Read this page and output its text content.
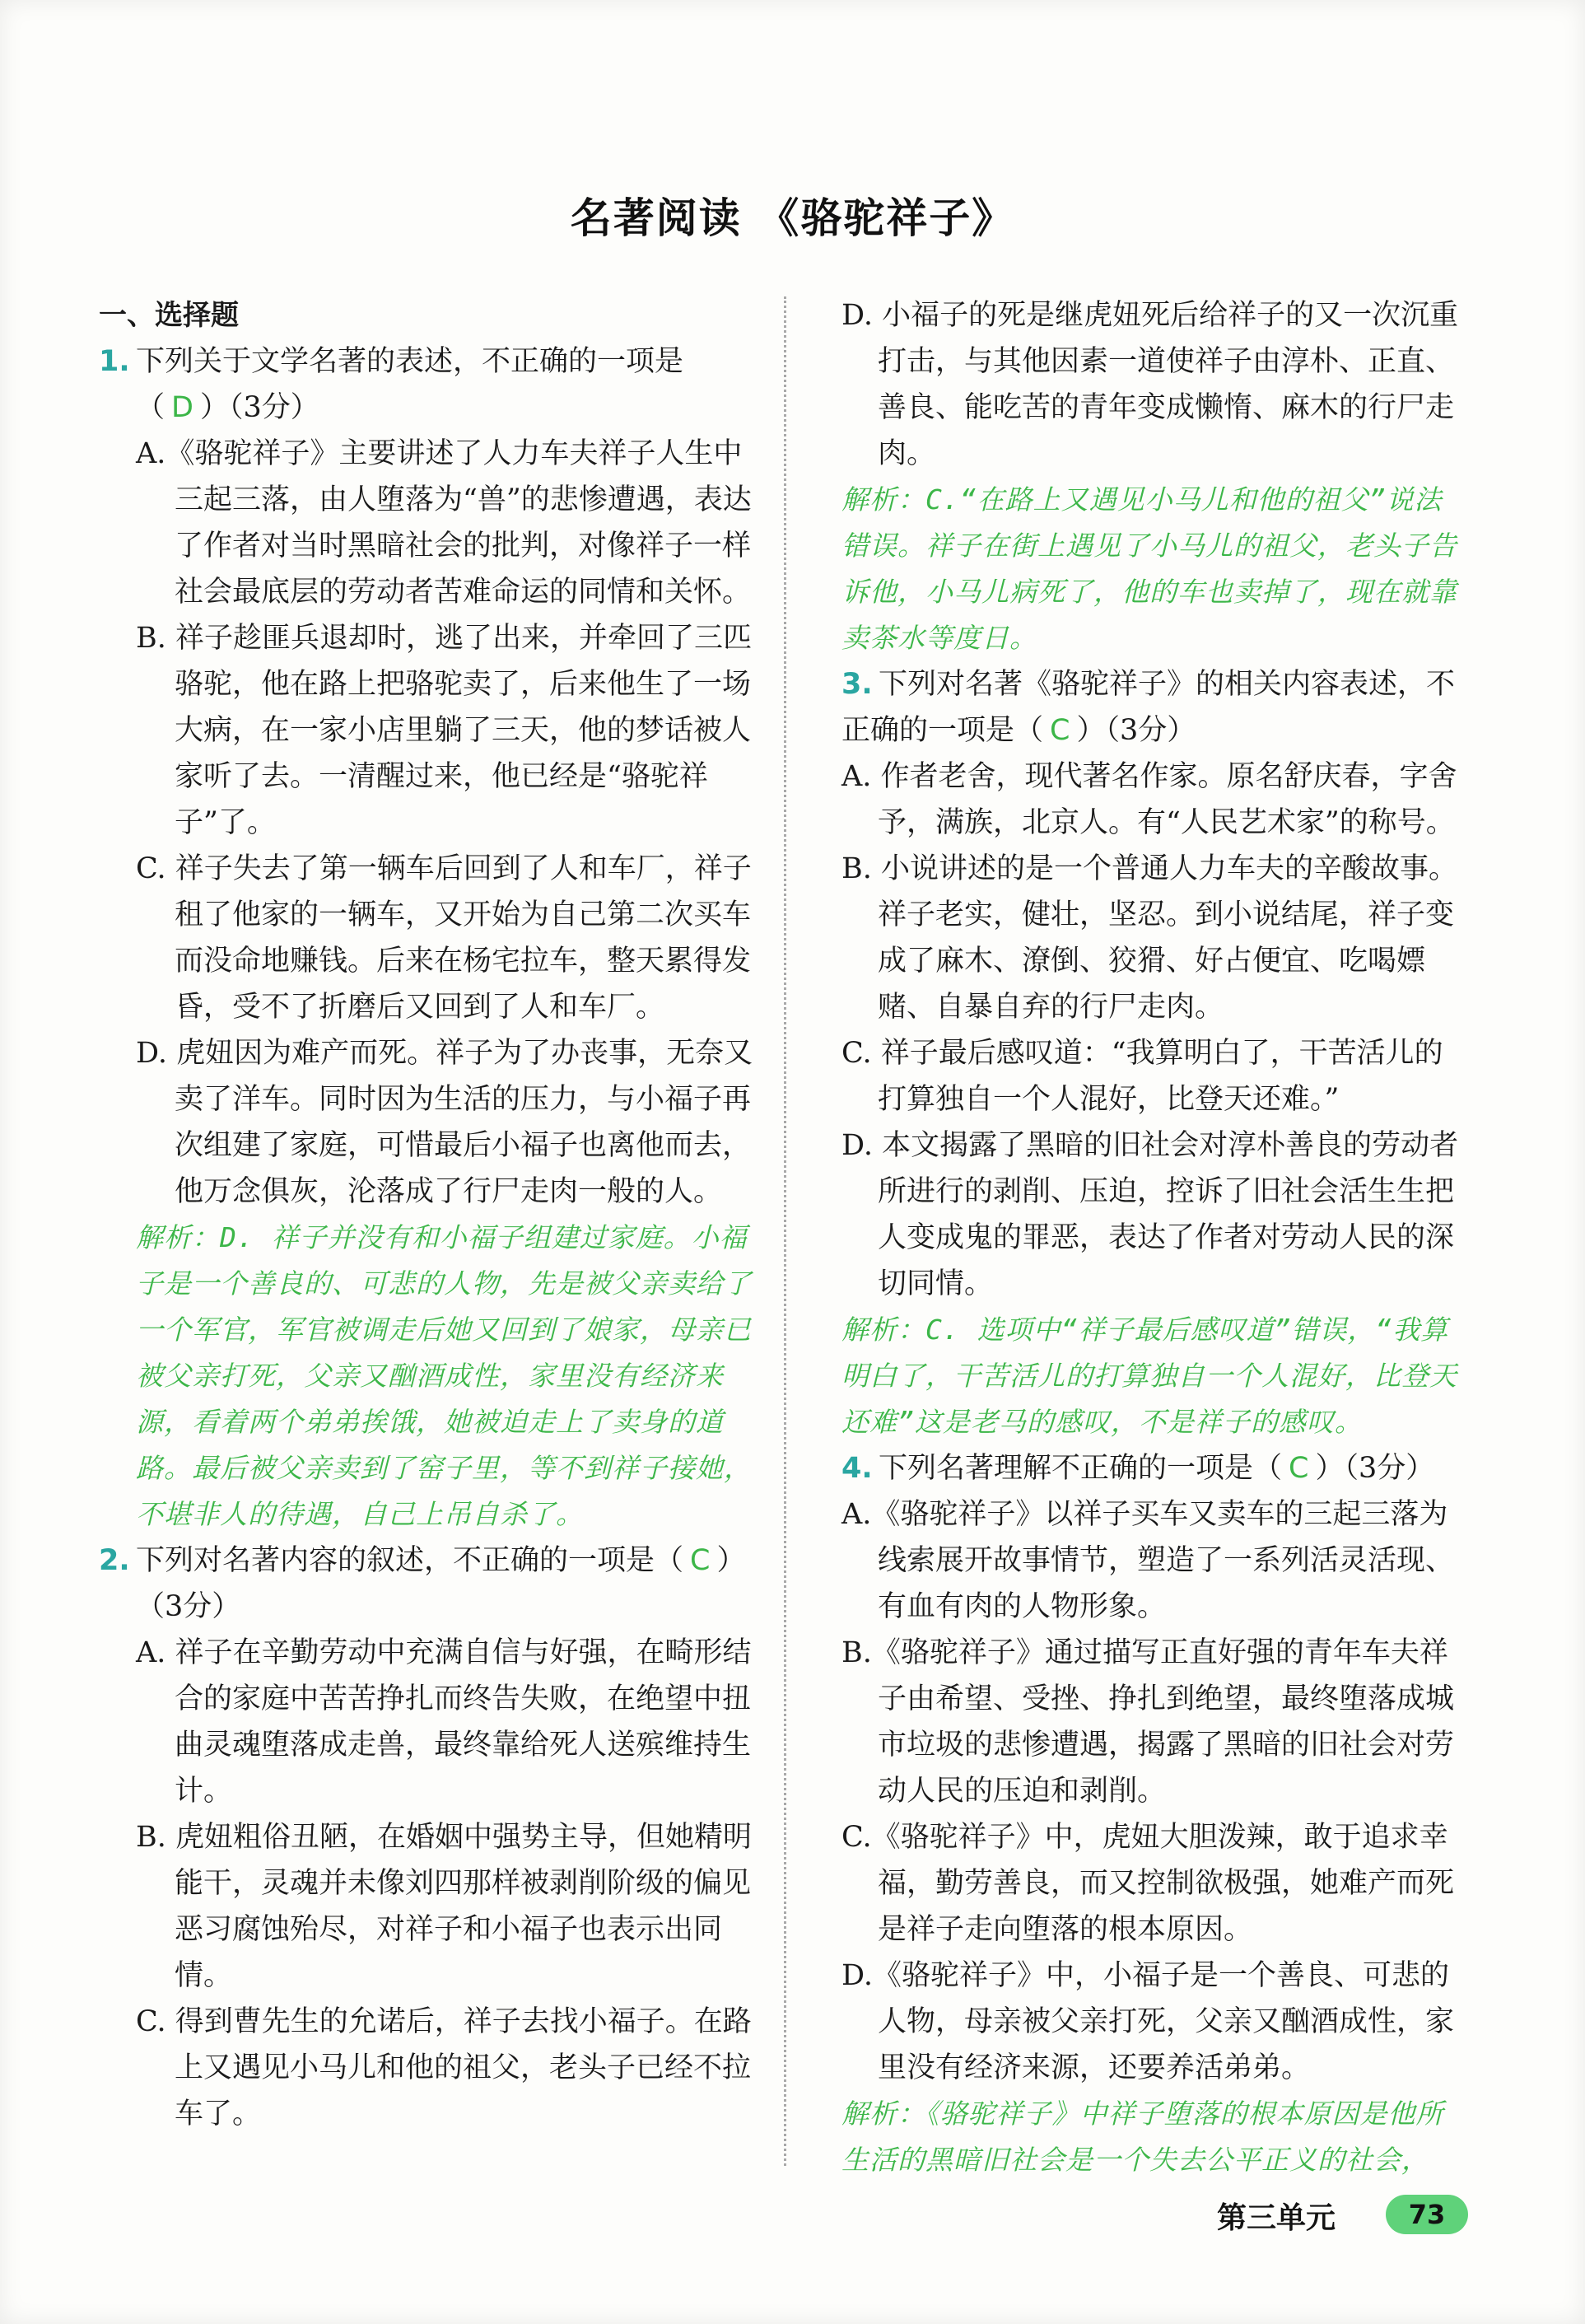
名著阅读 《骆驼祥子》

一、选择题

1. 下列关于文学名著的表述，不正确的一项是（ D ）（3分）

A.《骆驼祥子》主要讲述了人力车夫祥子人生中三起三落，由人堕落为“兽”的悲惨遭遇，表达了作者对当时黑暗社会的批判，对像祥子一样社会最底层的劳动者苦难命运的同情和关怀。

B. 祥子趁匪兵退却时，逃了出来，并牵回了三匹骆驼，他在路上把骆驼卖了，后来他生了一场大病，在一家小店里躺了三天，他的梦话被人家听了去。一清醒过来，他已经是“骆驼祥子”了。

C. 祥子失去了第一辆车后回到了人和车厂，祥子租了他家的一辆车，又开始为自己第二次买车而没命地赚钱。后来在杨宅拉车，整天累得发昏，受不了折磨后又回到了人和车厂。

D. 虎妞因为难产而死。祥子为了办丧事，无奈又卖了洋车。同时因为生活的压力，与小福子再次组建了家庭，可惜最后小福子也离他而去，他万念俱灰，沦落成了行尸走肉一般的人。

解析：D. 祥子并没有和小福子组建过家庭。小福子是一个善良的、可悲的人物，先是被父亲卖给了一个军官，军官被调走后她又回到了娘家，母亲已被父亲打死，父亲又酗酒成性，家里没有经济来源，看着两个弟弟挨饿，她被迫走上了卖身的道路。最后被父亲卖到了窑子里，等不到祥子接她，不堪非人的待遇，自己上吊自杀了。

2. 下列对名著内容的叙述，不正确的一项是（ C ）（3分）

A. 祥子在辛勤劳动中充满自信与好强，在畸形结合的家庭中苦苦挣扎而终告失败，在绝望中扭曲灵魂堕落成走兽，最终靠给死人送殡维持生计。

B. 虎妞粗俗丑陋，在婚姻中强势主导，但她精明能干，灵魂并未像刘四那样被剥削阶级的偏见恶习腐蚀殆尽，对祥子和小福子也表示出同情。

C. 得到曹先生的允诺后，祥子去找小福子。在路上又遇见小马儿和他的祖父，老头子已经不拉车了。

D. 小福子的死是继虎妞死后给祥子的又一次沉重打击，与其他因素一道使祥子由淳朴、正直、善良、能吃苦的青年变成懒惰、麻木的行尸走肉。

解析：C.“在路上又遇见小马儿和他的祖父”说法错误。祥子在街上遇见了小马儿的祖父，老头子告诉他，小马儿病死了，他的车也卖掉了，现在就靠卖茶水等度日。

3. 下列对名著《骆驼祥子》的相关内容表述，不正确的一项是（ C ）（3分）

A. 作者老舍，现代著名作家。原名舒庆春，字舍予，满族，北京人。有“人民艺术家”的称号。

B. 小说讲述的是一个普通人力车夫的辛酸故事。祥子老实，健壮，坚忍。到小说结尾，祥子变成了麻木、潦倒、狡猾、好占便宜、吃喝嫖赌、自暴自弃的行尸走肉。

C. 祥子最后感叹道：“我算明白了，干苦活儿的打算独自一个人混好，比登天还难。”

D. 本文揭露了黑暗的旧社会对淳朴善良的劳动者所进行的剥削、压迫，控诉了旧社会活生生把人变成鬼的罪恶，表达了作者对劳动人民的深切同情。

解析：C. 选项中“祥子最后感叹道”错误，“我算明白了，干苦活儿的打算独自一个人混好，比登天还难”这是老马的感叹，不是祥子的感叹。

4. 下列名著理解不正确的一项是（ C ）（3分）

A.《骆驼祥子》以祥子买车又卖车的三起三落为线索展开故事情节，塑造了一系列活灵活现、有血有肉的人物形象。

B.《骆驼祥子》通过描写正直好强的青年车夫祥子由希望、受挫、挣扎到绝望，最终堕落成城市垃圾的悲惨遭遇，揭露了黑暗的旧社会对劳动人民的压迫和剥削。

C.《骆驼祥子》中，虎妞大胆泼辣，敢于追求幸福，勤劳善良，而又控制欲极强，她难产而死是祥子走向堕落的根本原因。

D.《骆驼祥子》中，小福子是一个善良、可悲的人物，母亲被父亲打死，父亲又酗酒成性，家里没有经济来源，还要养活弟弟。

解析：《骆驼祥子》中祥子堕落的根本原因是他所生活的黑暗旧社会是一个失去公平正义的社会，

第三单元	73
